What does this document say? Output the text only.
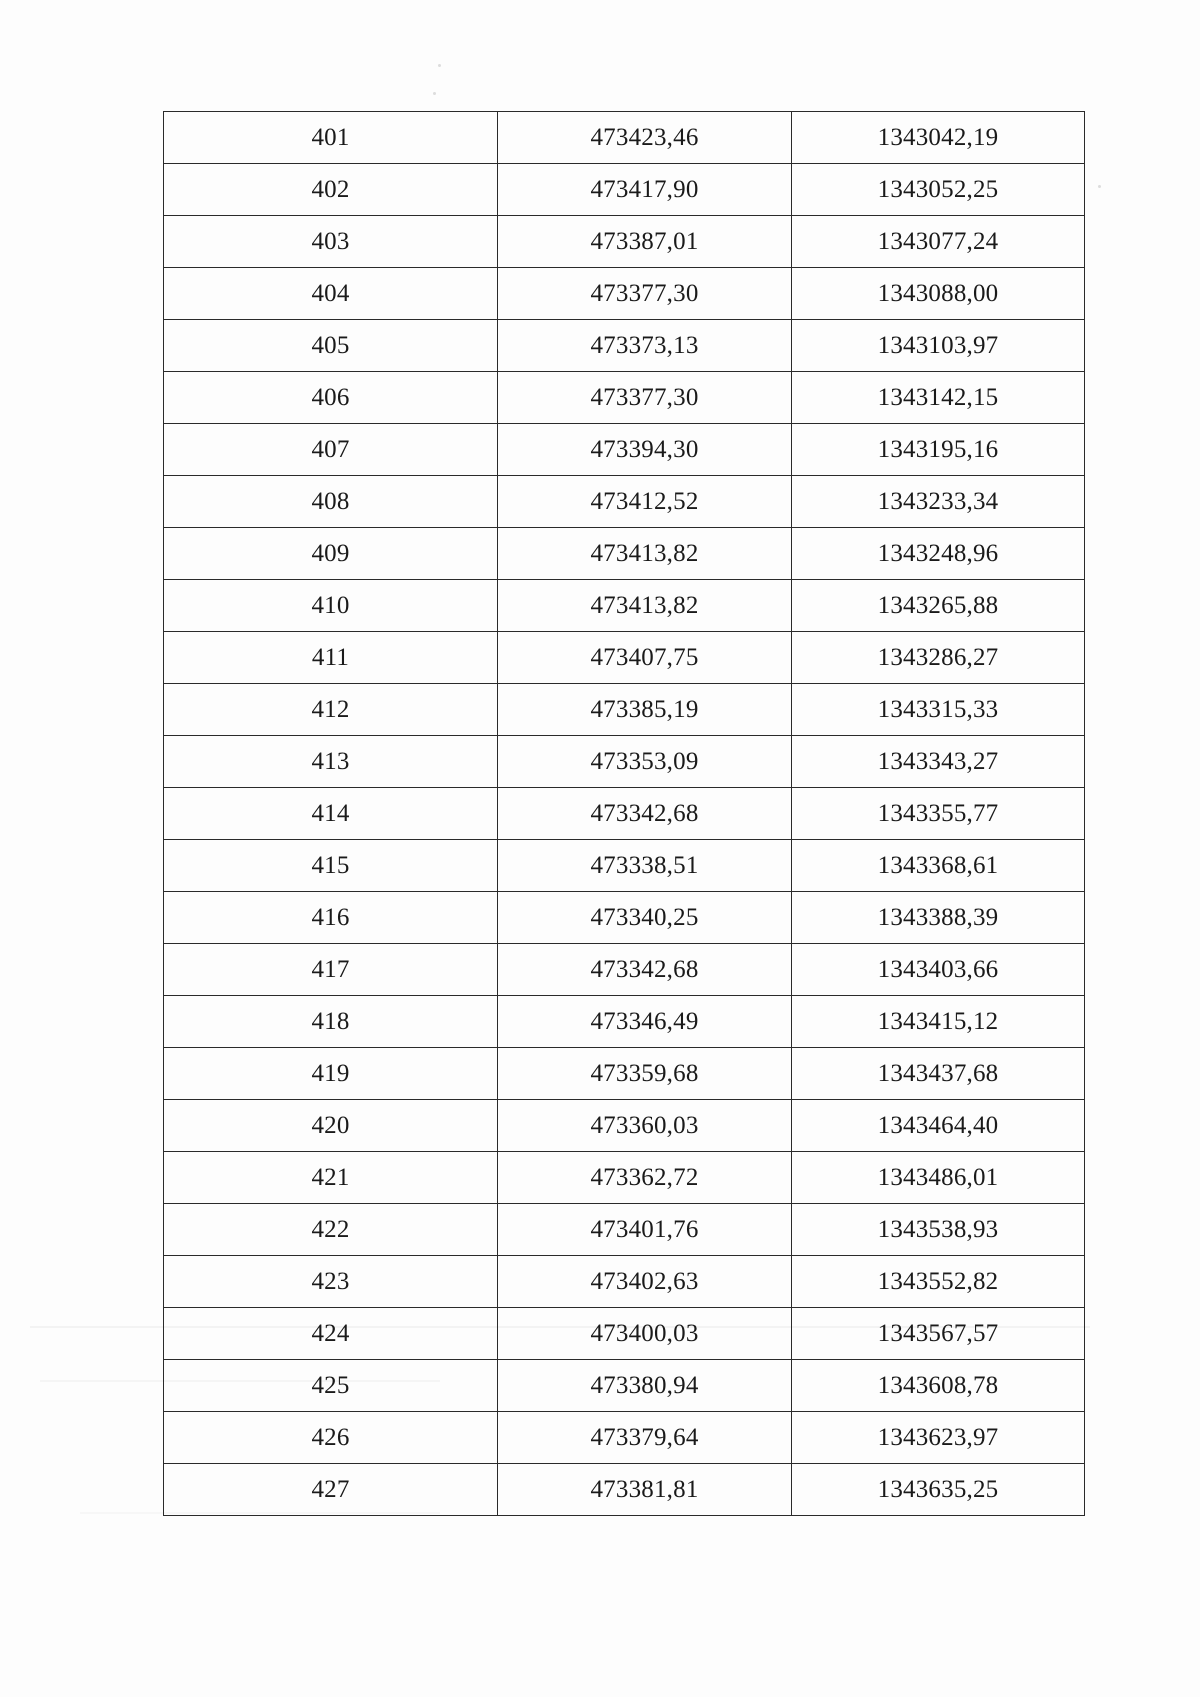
401	473423,46	1343042,19
402	473417,90	1343052,25
403	473387,01	1343077,24
404	473377,30	1343088,00
405	473373,13	1343103,97
406	473377,30	1343142,15
407	473394,30	1343195,16
408	473412,52	1343233,34
409	473413,82	1343248,96
410	473413,82	1343265,88
411	473407,75	1343286,27
412	473385,19	1343315,33
413	473353,09	1343343,27
414	473342,68	1343355,77
415	473338,51	1343368,61
416	473340,25	1343388,39
417	473342,68	1343403,66
418	473346,49	1343415,12
419	473359,68	1343437,68
420	473360,03	1343464,40
421	473362,72	1343486,01
422	473401,76	1343538,93
423	473402,63	1343552,82
424	473400,03	1343567,57
425	473380,94	1343608,78
426	473379,64	1343623,97
427	473381,81	1343635,25
